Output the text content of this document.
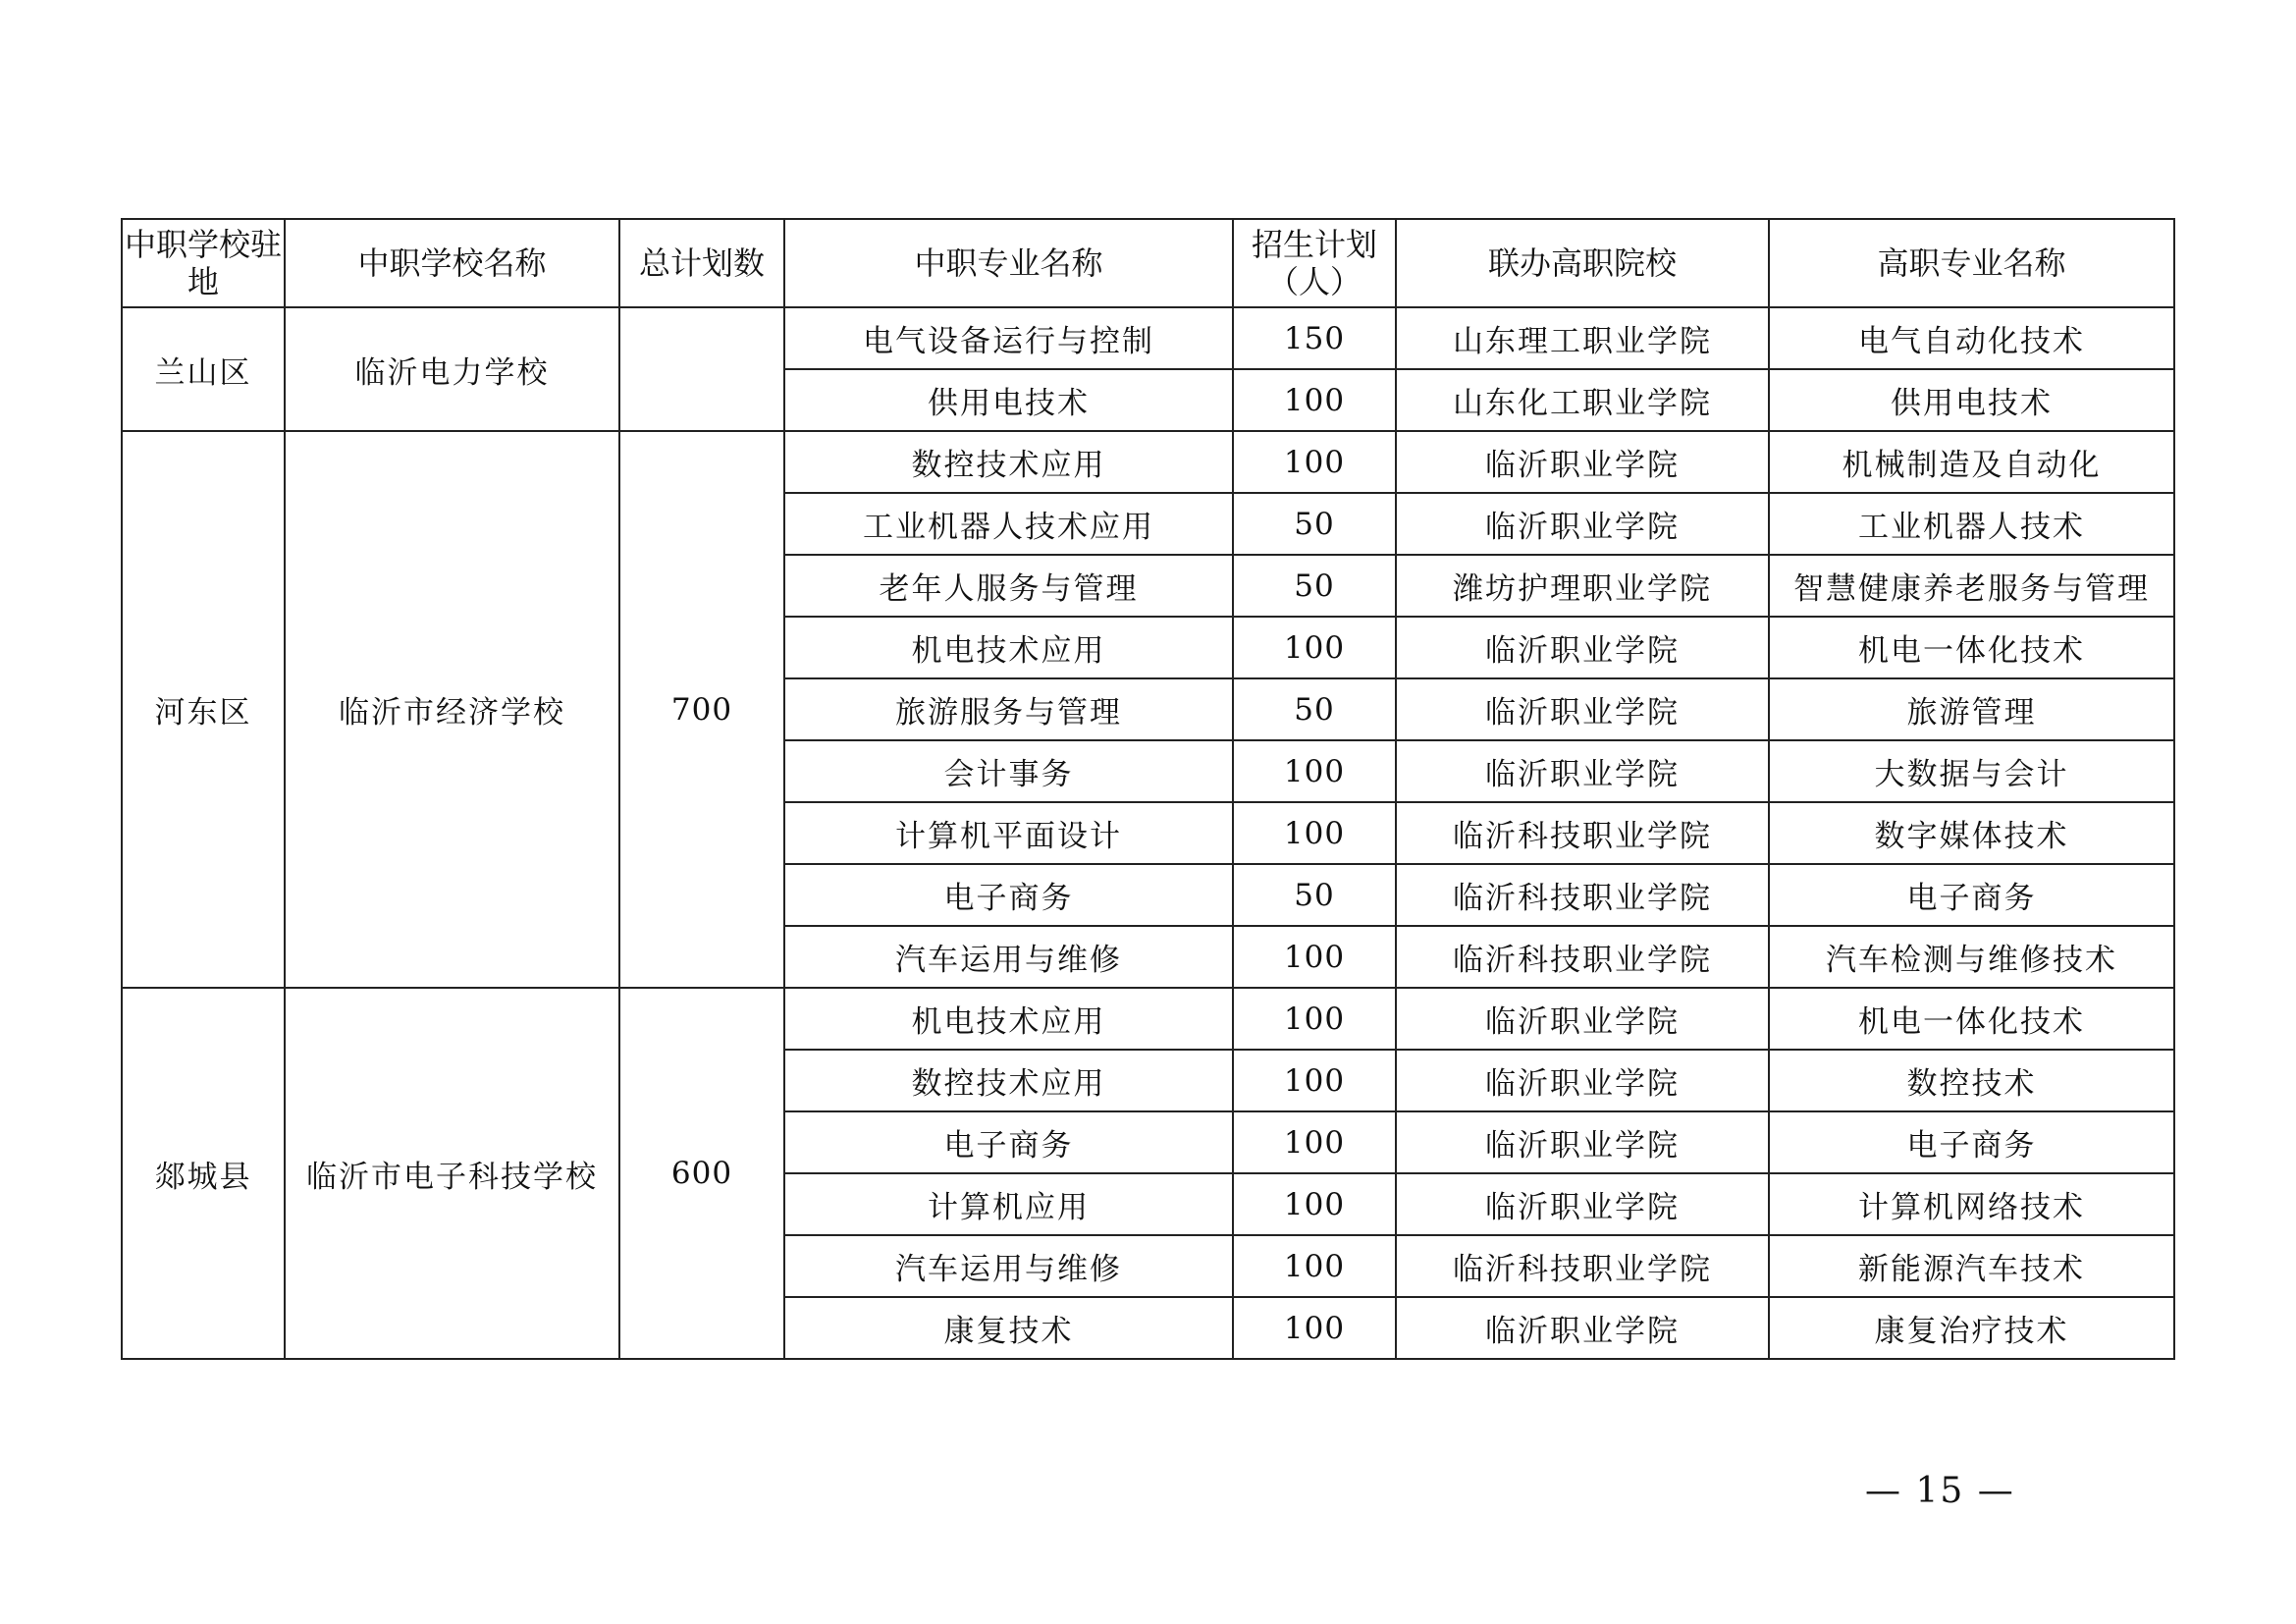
中职学校驻地	中职学校名称	总计划数	中职专业名称	招生计划（人）	联办高职院校	高职专业名称
兰山区	临沂电力学校		电气设备运行与控制	150	山东理工职业学院	电气自动化技术
			供用电技术	100	山东化工职业学院	供用电技术
河东区	临沂市经济学校	700	数控技术应用	100	临沂职业学院	机械制造及自动化
			工业机器人技术应用	50	临沂职业学院	工业机器人技术
			老年人服务与管理	50	潍坊护理职业学院	智慧健康养老服务与管理
			机电技术应用	100	临沂职业学院	机电一体化技术
			旅游服务与管理	50	临沂职业学院	旅游管理
			会计事务	100	临沂职业学院	大数据与会计
			计算机平面设计	100	临沂科技职业学院	数字媒体技术
			电子商务	50	临沂科技职业学院	电子商务
			汽车运用与维修	100	临沂科技职业学院	汽车检测与维修技术
郯城县	临沂市电子科技学校	600	机电技术应用	100	临沂职业学院	机电一体化技术
			数控技术应用	100	临沂职业学院	数控技术
			电子商务	100	临沂职业学院	电子商务
			计算机应用	100	临沂职业学院	计算机网络技术
			汽车运用与维修	100	临沂科技职业学院	新能源汽车技术
			康复技术	100	临沂职业学院	康复治疗技术
— 15 —
